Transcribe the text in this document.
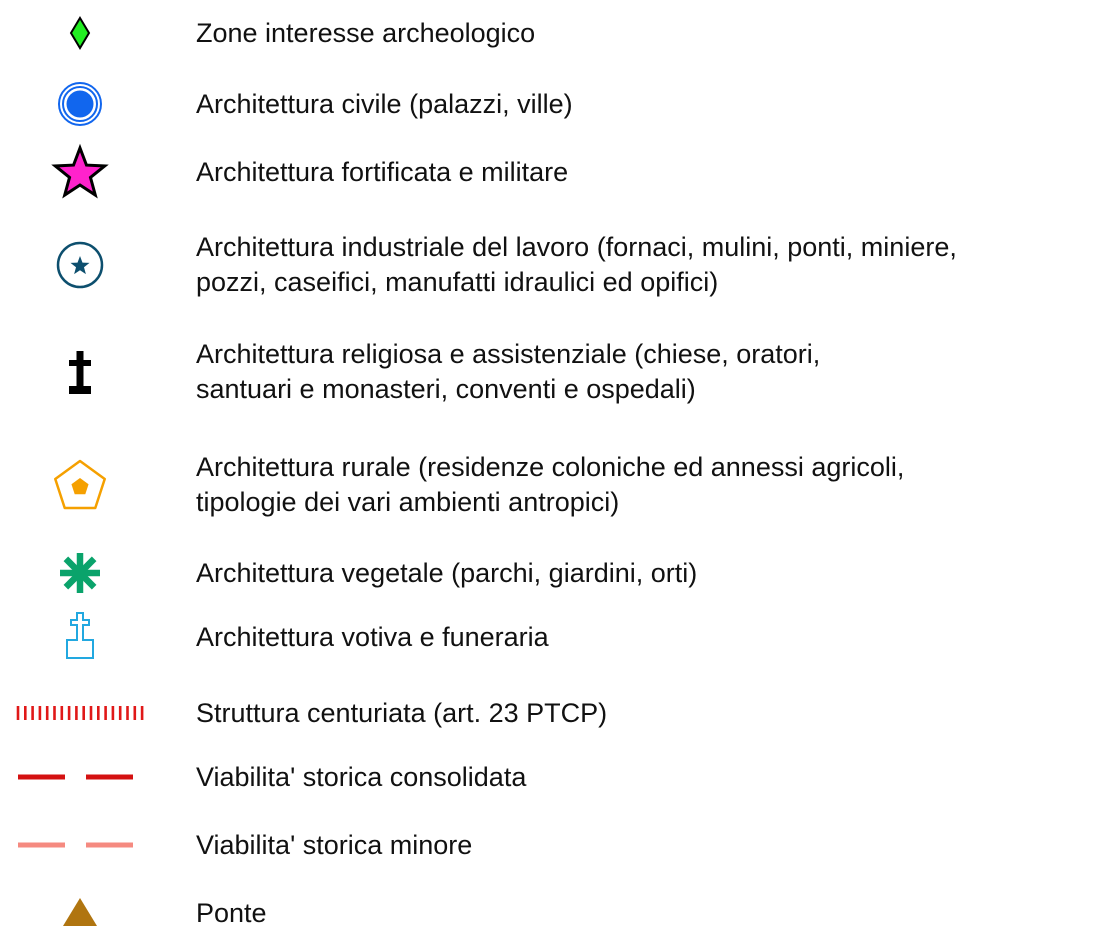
Zone interesse archeologico
Architettura civile (palazzi, ville)
Architettura fortificata e militare
Architettura industriale del lavoro (fornaci, mulini, ponti, miniere,
pozzi, caseifici, manufatti idraulici ed opifici)
Architettura religiosa e assistenziale (chiese, oratori,
santuari e monasteri, conventi e ospedali)
Architettura rurale (residenze coloniche ed annessi agricoli,
tipologie dei vari ambienti antropici)
Architettura vegetale (parchi, giardini, orti)
Architettura votiva e funeraria
Struttura centuriata (art. 23 PTCP)
Viabilita' storica consolidata
Viabilita' storica minore
Ponte
